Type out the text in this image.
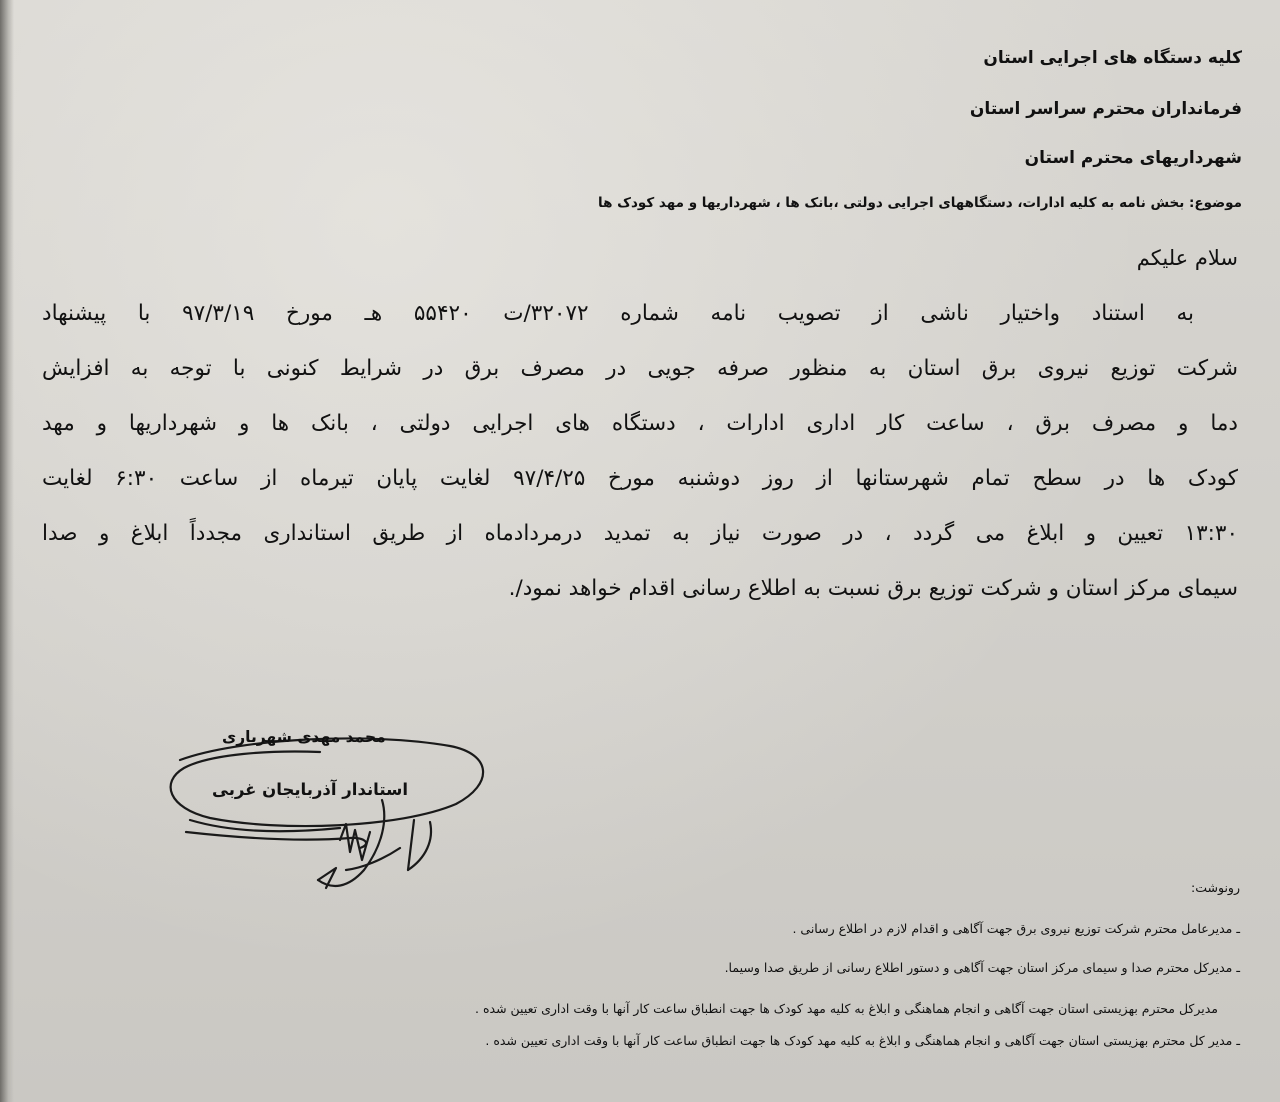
کلیه دستگاه های اجرایی استان
فرمانداران محترم سراسر استان
شهرداریهای محترم استان
موضوع: بخش نامه به کلیه ادارات، دستگاههای اجرایی دولتی ،بانک ها ، شهرداریها و مهد کودک ها
سلام علیکم
به استناد واختیار ناشی از تصویب نامه شماره ۳۲۰۷۲/ت ۵۵۴۲۰ هـ مورخ ۹۷/۳/۱۹ با پیشنهاد
شرکت توزیع نیروی برق استان به منظور صرفه جویی در مصرف برق در شرایط کنونی با توجه به افزایش
دما و مصرف برق ، ساعت کار اداری ادارات ، دستگاه های اجرایی دولتی ، بانک ها و شهرداریها و مهد
کودک ها در سطح تمام شهرستانها از روز دوشنبه مورخ ۹۷/۴/۲۵ لغایت پایان تیرماه از ساعت ۶:۳۰ لغایت
۱۳:۳۰ تعیین و ابلاغ می گردد ، در صورت نیاز به تمدید درمردادماه از طریق استانداری مجدداً ابلاغ و صدا
سیمای مرکز استان و شرکت توزیع برق نسبت به اطلاع رسانی اقدام خواهد نمود/.
محمد مهدی شهریاری
استاندار آذربایجان غربی
رونوشت:
ـ مدیرعامل محترم شرکت توزیع نیروی برق جهت آگاهی و اقدام لازم در اطلاع رسانی .
ـ مدیرکل محترم صدا و سیمای مرکز استان جهت آگاهی و دستور اطلاع رسانی از طریق صدا وسیما.
مدیرکل محترم بهزیستی استان جهت آگاهی و انجام هماهنگی و ابلاغ به کلیه مهد کودک ها جهت انطباق ساعت کار آنها با وقت اداری تعیین شده .
ـ مدیر کل محترم بهزیستی استان جهت آگاهی و انجام هماهنگی و ابلاغ به کلیه مهد کودک ها جهت انطباق ساعت کار آنها با وقت اداری تعیین شده .
